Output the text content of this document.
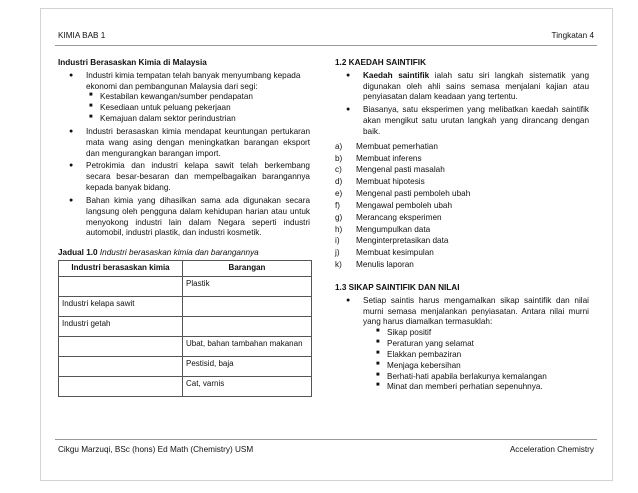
KIMIA BAB 1	Tingkatan 4
Industri Berasaskan Kimia di Malaysia
● Industri kimia tempatan telah banyak menyumbang kepada ekonomi dan pembangunan Malaysia dari segi:
■ Kestabilan kewangan/sumber pendapatan
■ Kesediaan untuk peluang pekerjaan
■ Kemajuan dalam sektor perindustrian
● Industri berasaskan kimia mendapat keuntungan pertukaran mata wang asing dengan meningkatkan barangan eksport dan mengurangkan barangan import.
● Petrokimia dan industri kelapa sawit telah berkembang secara besar-besaran dan mempelbagaikan barangannya kepada banyak bidang.
● Bahan kimia yang dihasilkan sama ada digunakan secara langsung oleh pengguna dalam kehidupan harian atau untuk menyokong industri lain dalam Negara seperti industri automobil, industri plastik, dan industri kosmetik.
Jadual 1.0 Industri berasaskan kimia dan barangannya
Industri berasaskan kimia	Barangan
	Plastik
Industri kelapa sawit	
Industri getah	
	Ubat, bahan tambahan makanan
	Pestisid, baja
	Cat, varnis
1.2 KAEDAH SAINTIFIK
● Kaedah saintifik ialah satu siri langkah sistematik yang digunakan oleh ahli sains semasa menjalani kajian atau penyiasatan dalam keadaan yang tertentu.
● Biasanya, satu eksperimen yang melibatkan kaedah saintifik akan mengikut satu urutan langkah yang dirancang dengan baik.
a)	Membuat pemerhatian
b)	Membuat inferens
c)	Mengenal pasti masalah
d)	Membuat hipotesis
e)	Mengenal pasti pemboleh ubah
f)	Mengawal pemboleh ubah
g)	Merancang eksperimen
h)	Mengumpulkan data
i)	Menginterpretasikan data
j)	Membuat kesimpulan
k)	Menulis laporan
1.3 SIKAP SAINTIFIK DAN NILAI
● Setiap saintis harus mengamalkan sikap saintifik dan nilai murni semasa menjalankan penyiasatan. Antara nilai murni yang harus diamalkan termasuklah:
■ Sikap positif
■ Peraturan yang selamat
■ Elakkan pembaziran
■ Menjaga kebersihan
■ Berhati-hati apabila berlakunya kemalangan
■ Minat dan memberi perhatian sepenuhnya.
Cikgu Marzuqi, BSc (hons) Ed Math (Chemistry) USM	Acceleration Chemistry
